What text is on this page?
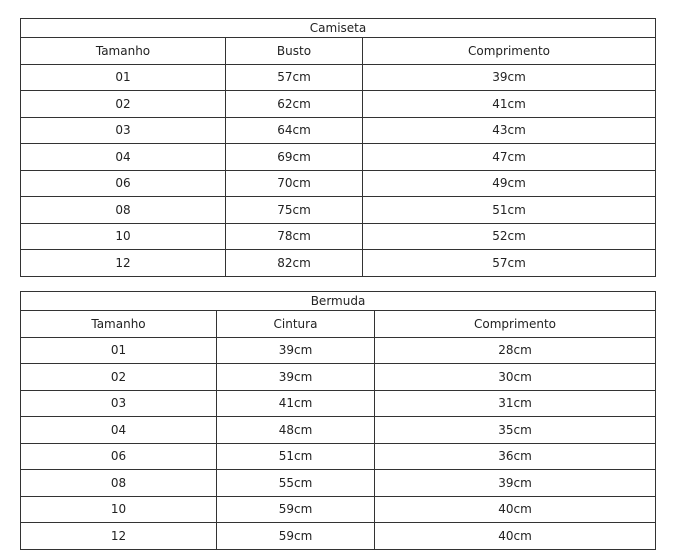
Camiseta		
Tamanho	Busto	Comprimento
01	57cm	39cm
02	62cm	41cm
03	64cm	43cm
04	69cm	47cm
06	70cm	49cm
08	75cm	51cm
10	78cm	52cm
12	82cm	57cm
Bermuda		
Tamanho	Cintura	Comprimento
01	39cm	28cm
02	39cm	30cm
03	41cm	31cm
04	48cm	35cm
06	51cm	36cm
08	55cm	39cm
10	59cm	40cm
12	59cm	40cm
